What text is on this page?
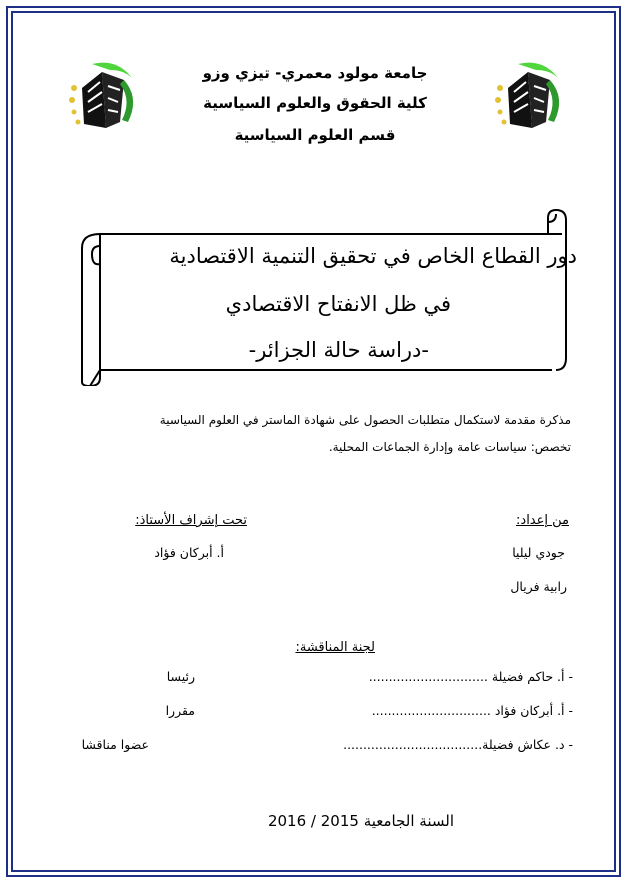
جامعة مولود معمري- تيزي وزو
كلية الحقوق والعلوم السياسية
قسم العلوم السياسية
دور القطاع الخاص في تحقيق التنمية الاقتصادية
في ظل الانفتاح الاقتصادي
-دراسة حالة الجزائر-
مذكرة مقدمة لاستكمال متطلبات الحصول على شهادة الماستر في العلوم السياسية
تخصص: سياسات عامة وإدارة الجماعات المحلية.
من إعداد:
تحت إشراف الأستاذ:
جودي ليليا
أ. أبركان فؤاد
رابية فريال
لجنة المناقشة:
- أ. حاكم فضيلة ..............................
رئيسا
- أ. أبركان فؤاد ..............................
مقررا
- د. عكاش فضيلة...................................
عضوا مناقشا
السنة الجامعية 2015 / 2016
